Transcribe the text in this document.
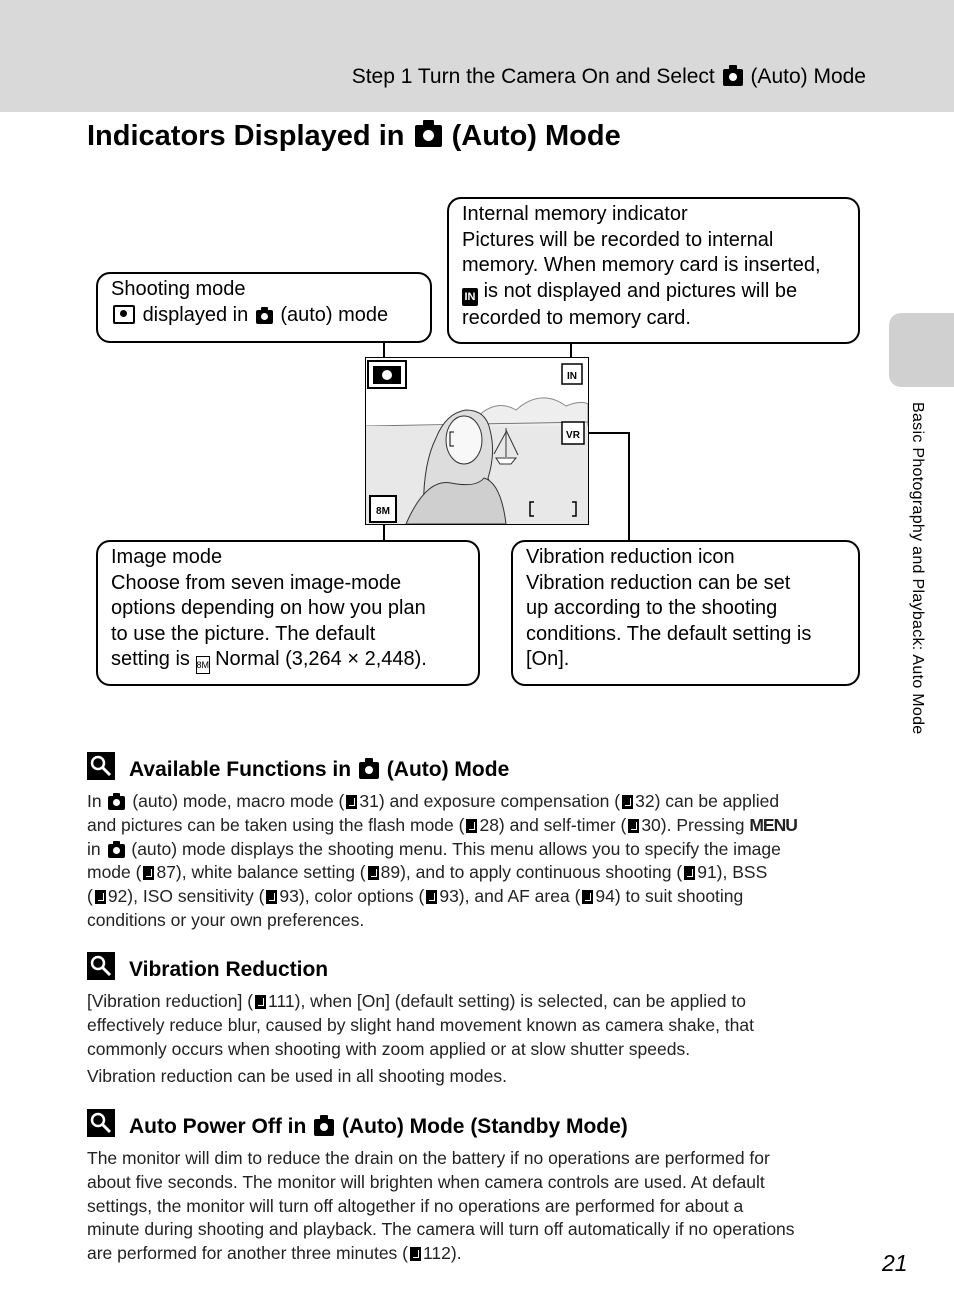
Step 1 Turn the Camera On and Select (Auto) Mode
Indicators Displayed in (Auto) Mode
Basic Photography and Playback: Auto Mode
Shooting mode
displayed in (auto) mode
Internal memory indicator
Pictures will be recorded to internal
memory. When memory card is inserted,
IN is not displayed and pictures will be
recorded to memory card.
Image mode
Choose from seven image-mode
options depending on how you plan
to use the picture. The default
setting is 8M Normal (3,264 × 2,448).
Vibration reduction icon
Vibration reduction can be set
up according to the shooting
conditions. The default setting is
[On].
IN
VR
8M
Available Functions in (Auto) Mode
In (auto) mode, macro mode ( 31) and exposure compensation ( 32) can be applied
and pictures can be taken using the flash mode ( 28) and self-timer ( 30). Pressing MENU
in (auto) mode displays the shooting menu. This menu allows you to specify the image
mode ( 87), white balance setting ( 89), and to apply continuous shooting ( 91), BSS
( 92), ISO sensitivity ( 93), color options ( 93), and AF area ( 94) to suit shooting
conditions or your own preferences.
Vibration Reduction
[Vibration reduction] ( 111), when [On] (default setting) is selected, can be applied to
effectively reduce blur, caused by slight hand movement known as camera shake, that
commonly occurs when shooting with zoom applied or at slow shutter speeds.
Vibration reduction can be used in all shooting modes.
Auto Power Off in (Auto) Mode (Standby Mode)
The monitor will dim to reduce the drain on the battery if no operations are performed for
about five seconds. The monitor will brighten when camera controls are used. At default
settings, the monitor will turn off altogether if no operations are performed for about a
minute during shooting and playback. The camera will turn off automatically if no operations
are performed for another three minutes ( 112).	21
